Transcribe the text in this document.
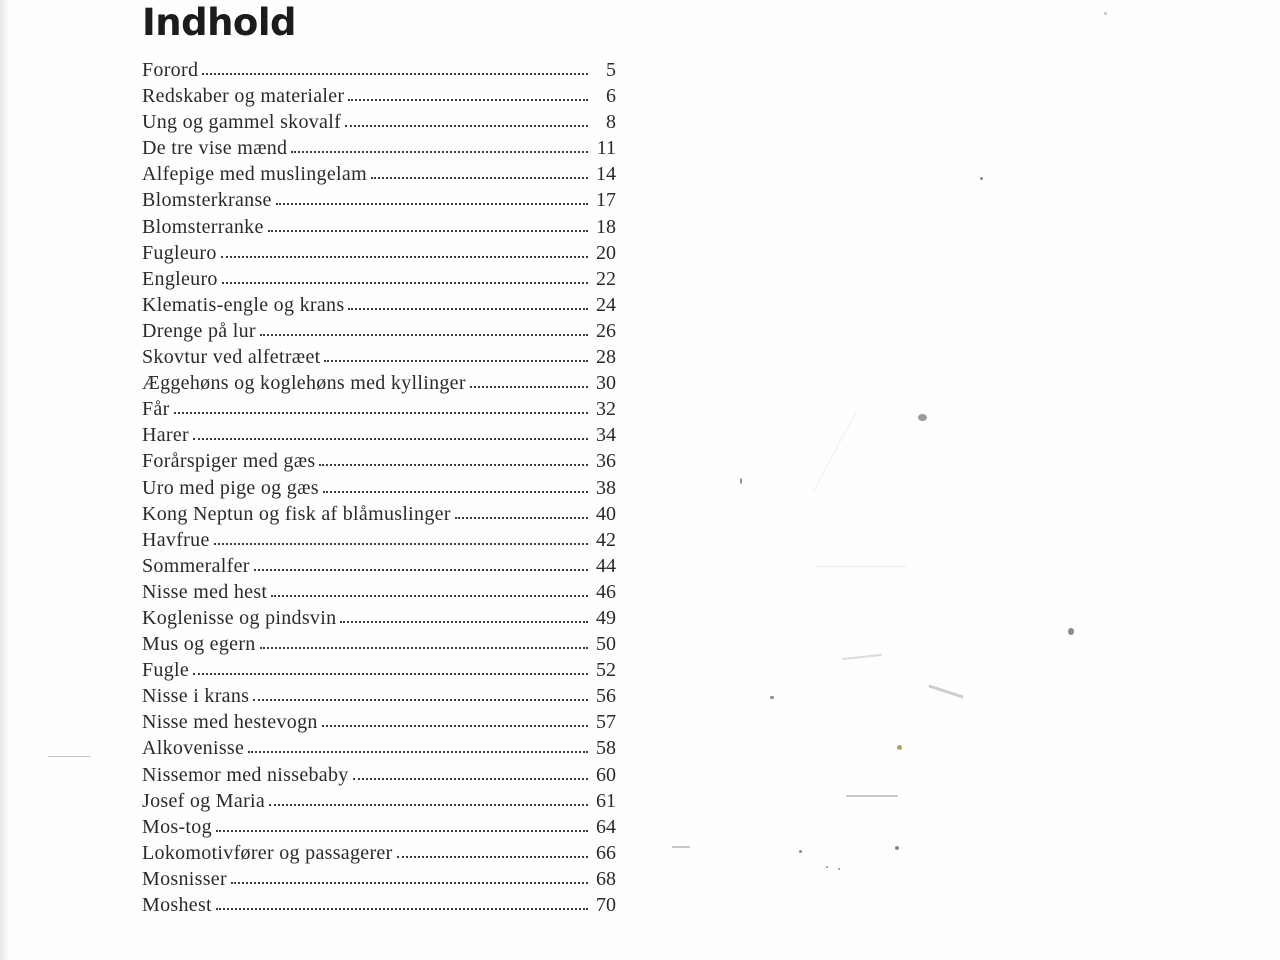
Indhold
Forord	5
Redskaber og materialer	6
Ung og gammel skovalf	8
De tre vise mænd	11
Alfepige med muslingelam	14
Blomsterkranse	17
Blomsterranke	18
Fugleuro	20
Engleuro	22
Klematis-engle og krans	24
Drenge på lur	26
Skovtur ved alfetræet	28
Æggehøns og koglehøns med kyllinger	30
Får	32
Harer	34
Forårspiger med gæs	36
Uro med pige og gæs	38
Kong Neptun og fisk af blåmuslinger	40
Havfrue	42
Sommeralfer	44
Nisse med hest	46
Koglenisse og pindsvin	49
Mus og egern	50
Fugle	52
Nisse i krans	56
Nisse med hestevogn	57
Alkovenisse	58
Nissemor med nissebaby	60
Josef og Maria	61
Mos-tog	64
Lokomotivfører og passagerer	66
Mosnisser	68
Moshest	70
